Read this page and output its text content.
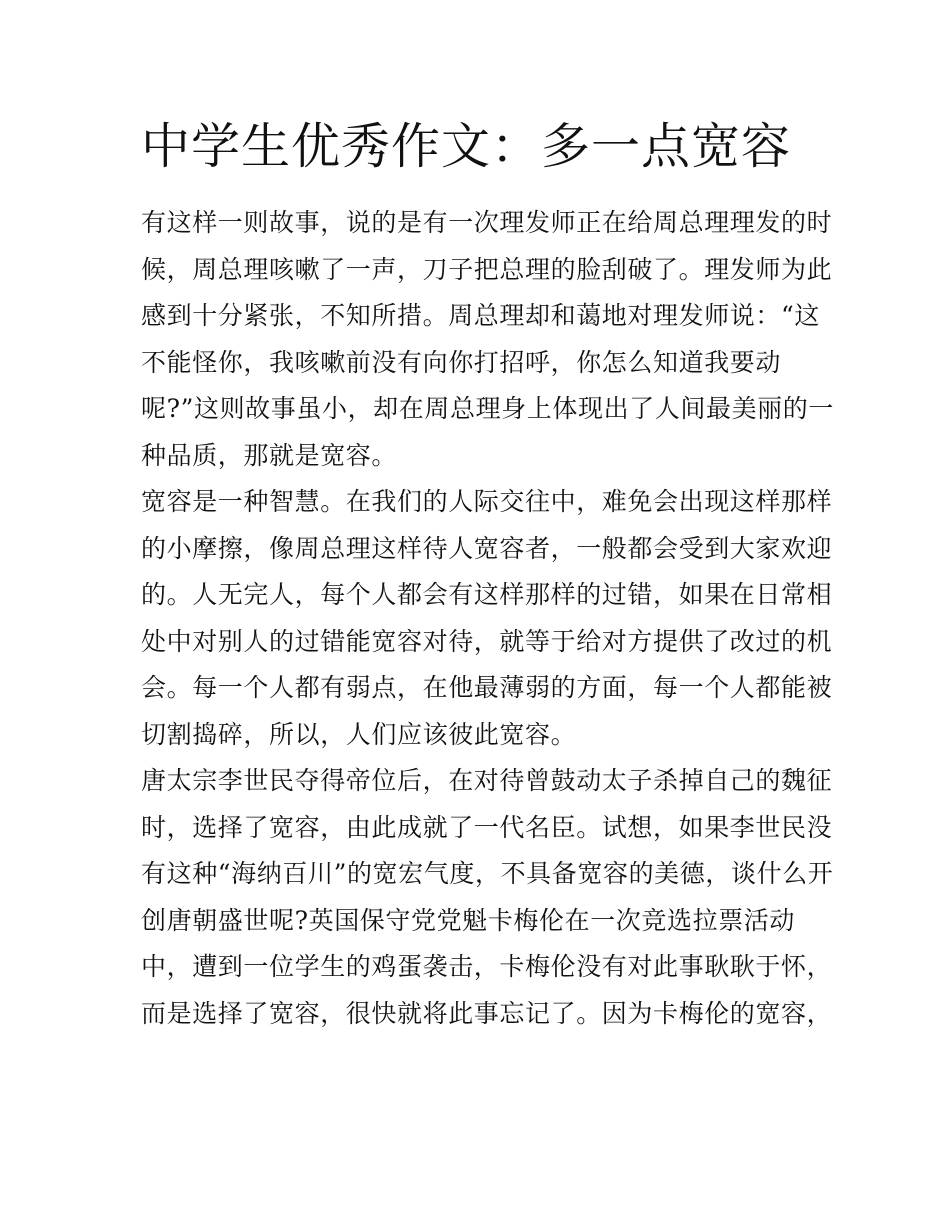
中学生优秀作文：多一点宽容
有这样一则故事，说的是有一次理发师正在给周总理理发的时
候，周总理咳嗽了一声，刀子把总理的脸刮破了。理发师为此
感到十分紧张，不知所措。周总理却和蔼地对理发师说：“这
不能怪你，我咳嗽前没有向你打招呼，你怎么知道我要动
呢?”这则故事虽小，却在周总理身上体现出了人间最美丽的一
种品质，那就是宽容。
宽容是一种智慧。在我们的人际交往中，难免会出现这样那样
的小摩擦，像周总理这样待人宽容者，一般都会受到大家欢迎
的。人无完人，每个人都会有这样那样的过错，如果在日常相
处中对别人的过错能宽容对待，就等于给对方提供了改过的机
会。每一个人都有弱点，在他最薄弱的方面，每一个人都能被
切割捣碎，所以，人们应该彼此宽容。
唐太宗李世民夺得帝位后，在对待曾鼓动太子杀掉自己的魏征
时，选择了宽容，由此成就了一代名臣。试想，如果李世民没
有这种“海纳百川”的宽宏气度，不具备宽容的美德，谈什么开
创唐朝盛世呢?英国保守党党魁卡梅伦在一次竞选拉票活动
中，遭到一位学生的鸡蛋袭击，卡梅伦没有对此事耿耿于怀，
而是选择了宽容，很快就将此事忘记了。因为卡梅伦的宽容，
